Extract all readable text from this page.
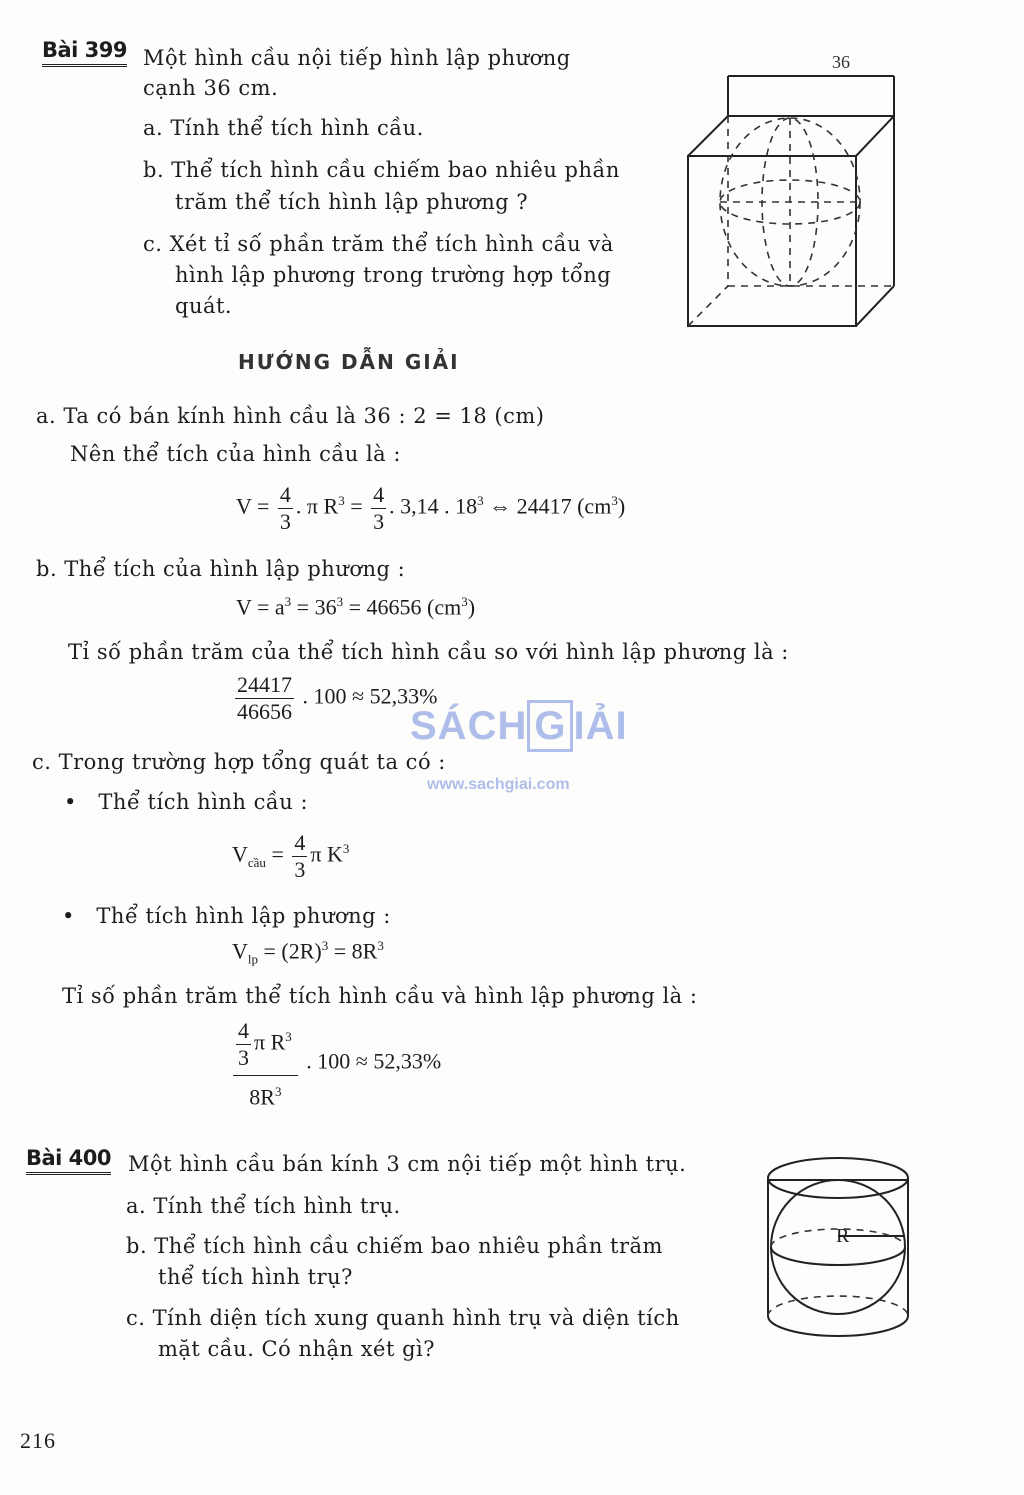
Bài 399 Một hình cầu nội tiếp hình lập phương
cạnh 36 cm.
a. Tính thể tích hình cầu.
b. Thể tích hình cầu chiếm bao nhiêu phần
trăm thể tích hình lập phương ?
c. Xét tỉ số phần trăm thể tích hình cầu và
hình lập phương trong trường hợp tổng
quát.
36
HƯỚNG DẪN GIẢI
a. Ta có bán kính hình cầu là 36 : 2 = 18 (cm)
Nên thể tích của hình cầu là :
$V = \frac{4}{3}$ . π $R^3 = \frac{4}{3}$ . 3,14 . $18^3$ ⇔ 24417 $(cm^3)$
b. Thể tích của hình lập phương :
$V = a^3 = 36^3 = 46656$ $(cm^3)$
Tỉ số phần trăm của thể tích hình cầu so với hình lập phương là :
$\frac{24417}{46656}$ . 100 ≈ 52,33%
c. Trong trường hợp tổng quát ta có :
• Thể tích hình cầu :
$V_{cầu} = \frac{4}{3}$ π $K^3$
• Thể tích hình lập phương :
$V_{lp} = (2R)^3 = 8R^3$
Tỉ số phần trăm thể tích hình cầu và hình lập phương là :
$\frac{\frac{4}{3} \pi R^3}{8R^3}$ . 100 ≈ 52,33%
SÁCH G IẢI
www.sachgiai.com
Bài 400 Một hình cầu bán kính 3 cm nội tiếp một hình trụ.
a. Tính thể tích hình trụ.
b. Thể tích hình cầu chiếm bao nhiêu phần trăm
thể tích hình trụ?
c. Tính diện tích xung quanh hình trụ và diện tích
mặt cầu. Có nhận xét gì?
R
216
